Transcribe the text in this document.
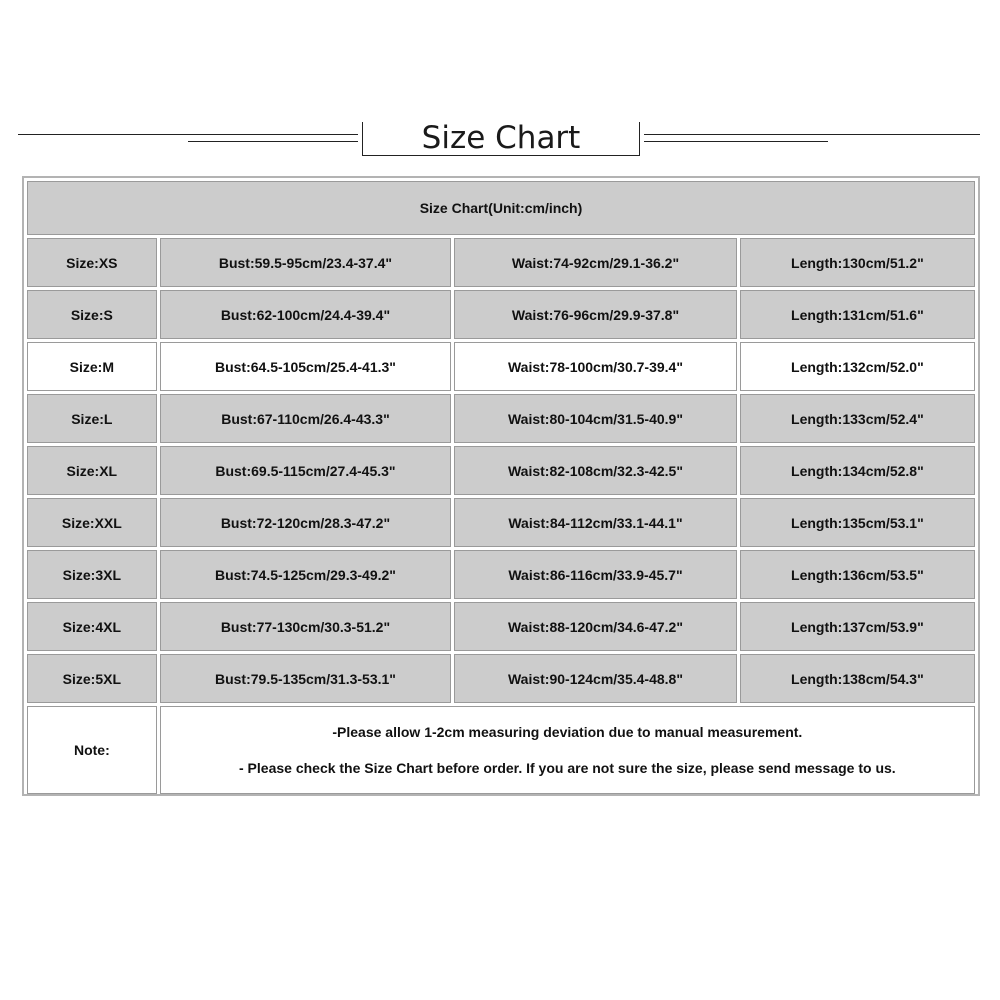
Size Chart
Size Chart(Unit:cm/inch)			
Size:XS	Bust:59.5-95cm/23.4-37.4"	Waist:74-92cm/29.1-36.2"	Length:130cm/51.2"
Size:S	Bust:62-100cm/24.4-39.4"	Waist:76-96cm/29.9-37.8"	Length:131cm/51.6"
Size:M	Bust:64.5-105cm/25.4-41.3"	Waist:78-100cm/30.7-39.4"	Length:132cm/52.0"
Size:L	Bust:67-110cm/26.4-43.3"	Waist:80-104cm/31.5-40.9"	Length:133cm/52.4"
Size:XL	Bust:69.5-115cm/27.4-45.3"	Waist:82-108cm/32.3-42.5"	Length:134cm/52.8"
Size:XXL	Bust:72-120cm/28.3-47.2"	Waist:84-112cm/33.1-44.1"	Length:135cm/53.1"
Size:3XL	Bust:74.5-125cm/29.3-49.2"	Waist:86-116cm/33.9-45.7"	Length:136cm/53.5"
Size:4XL	Bust:77-130cm/30.3-51.2"	Waist:88-120cm/34.6-47.2"	Length:137cm/53.9"
Size:5XL	Bust:79.5-135cm/31.3-53.1"	Waist:90-124cm/35.4-48.8"	Length:138cm/54.3"
Note:	-Please allow 1-2cm measuring deviation due to manual measurement.
- Please check the Size Chart before order. If you are not sure the size, please send message to us.		
